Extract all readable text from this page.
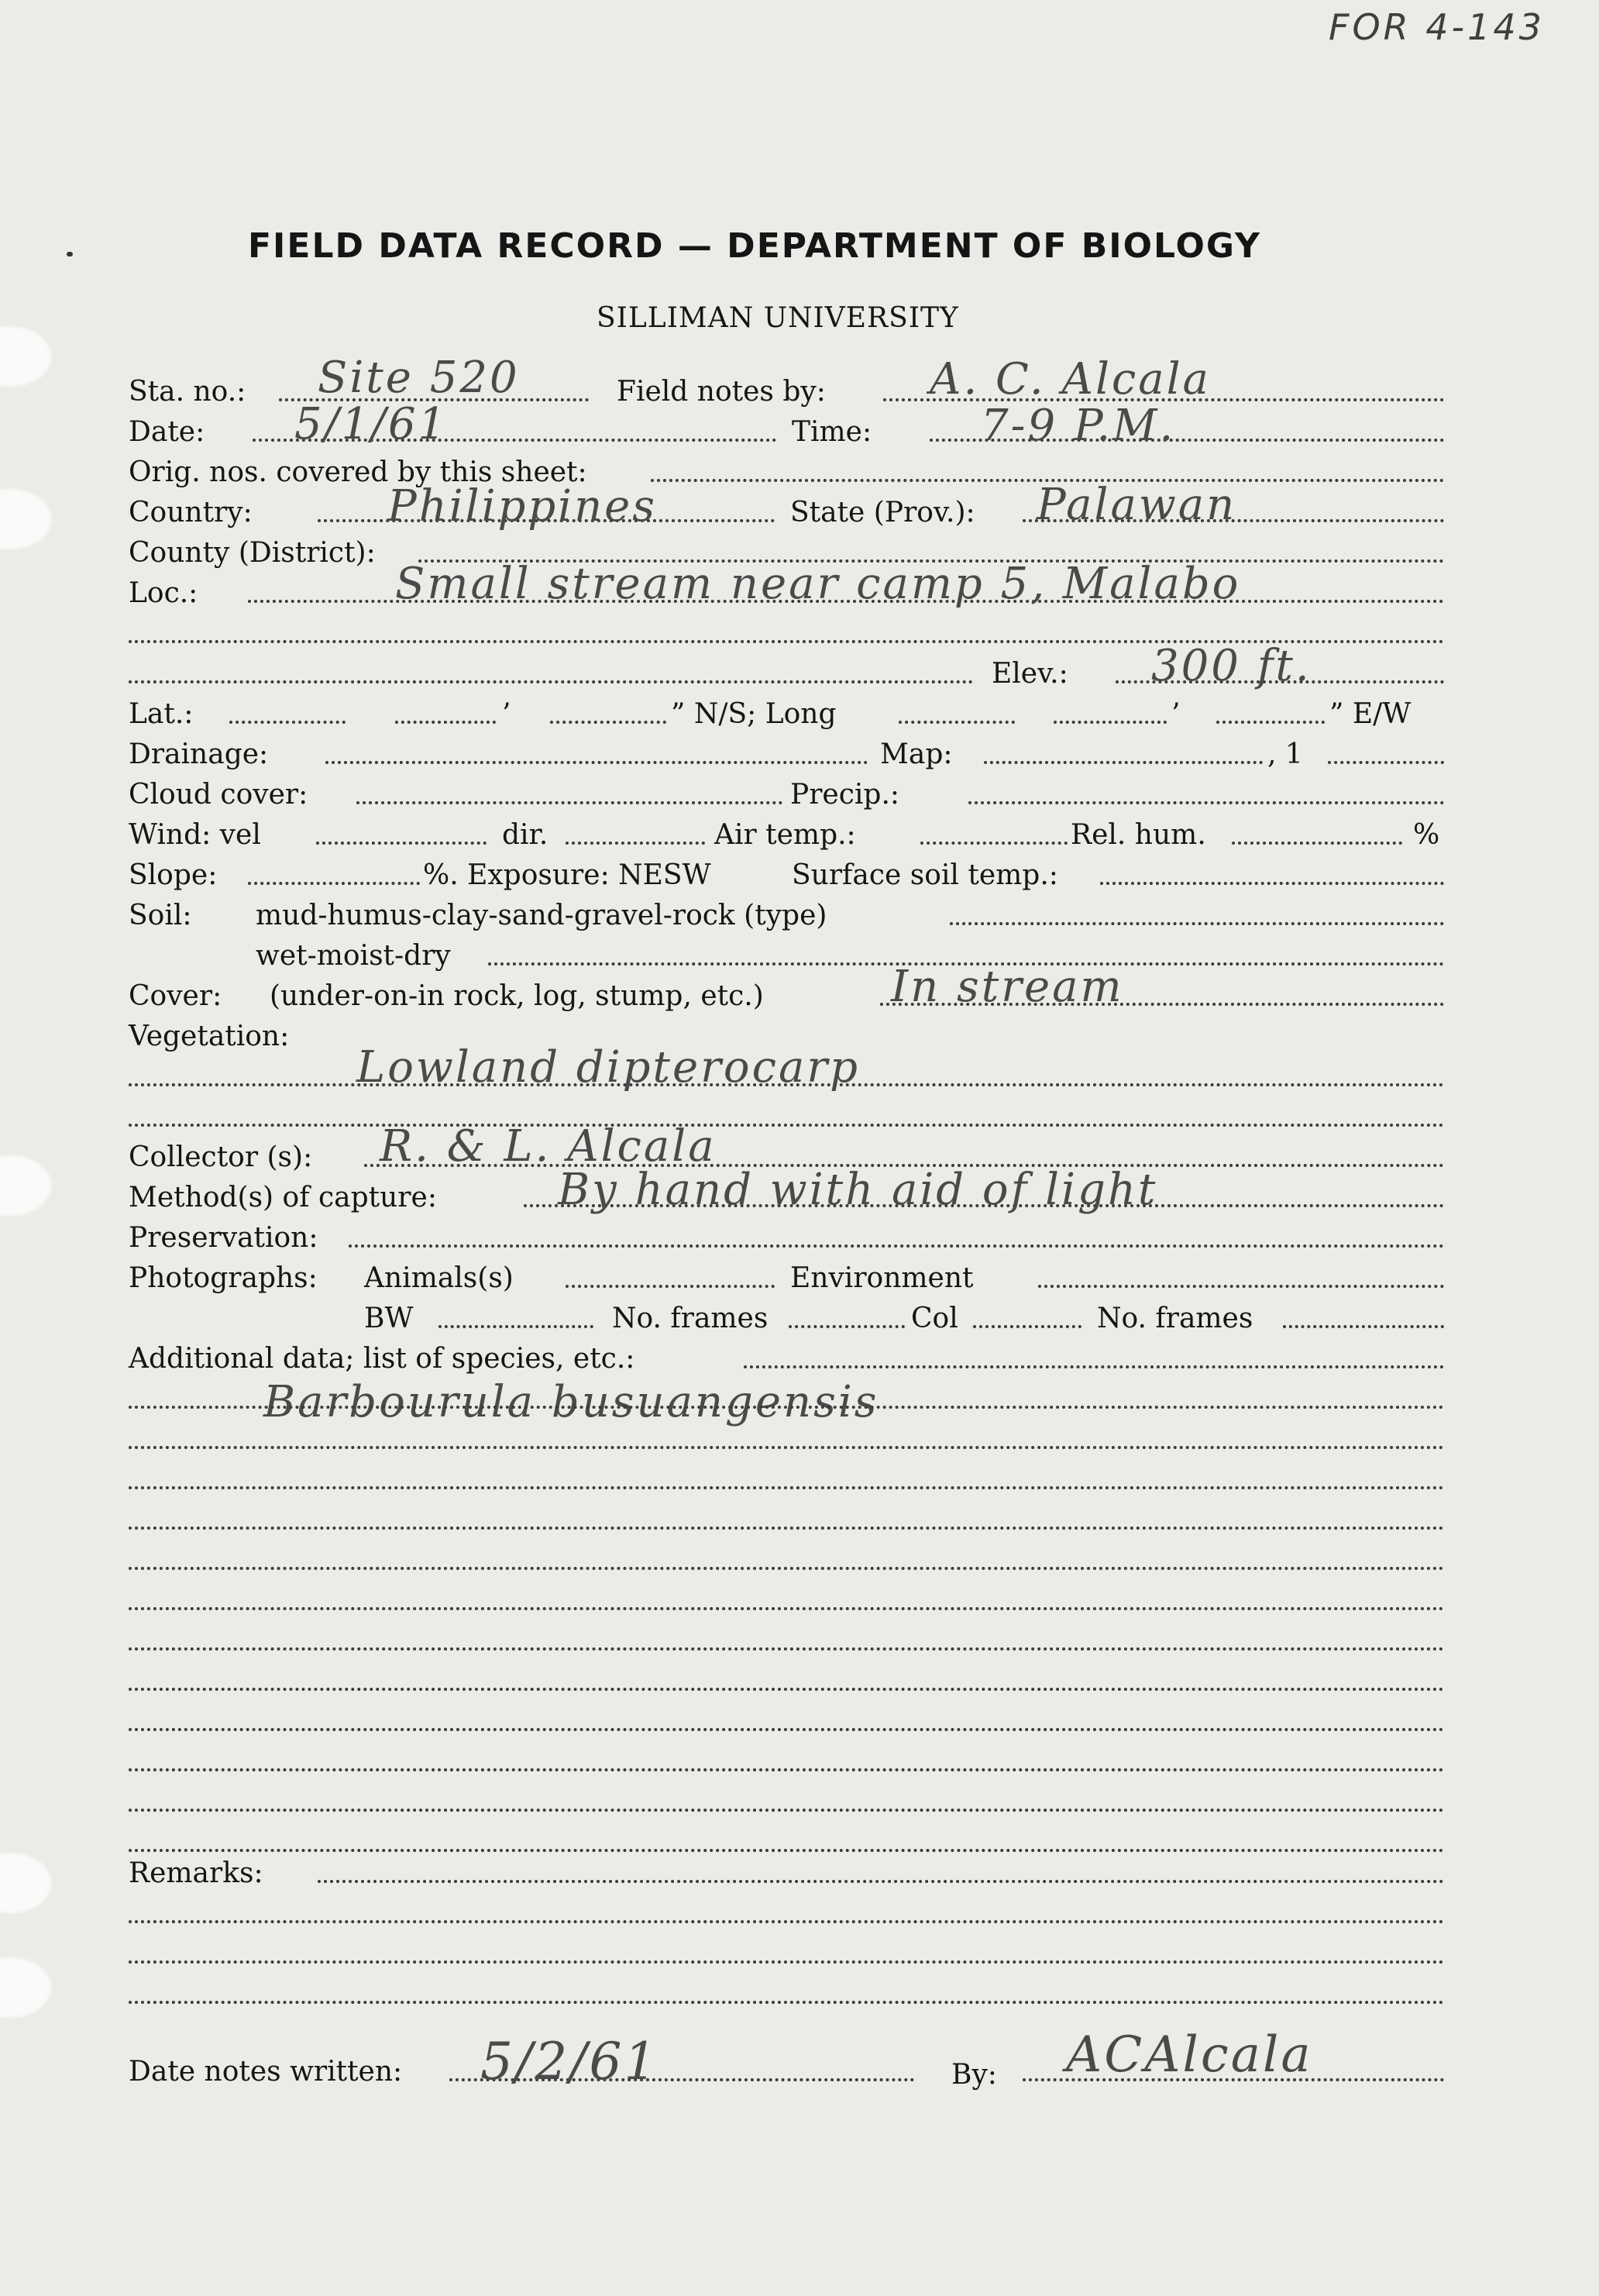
FOR 4-143
FIELD DATA RECORD — DEPARTMENT OF BIOLOGY
SILLIMAN UNIVERSITY
Sta. no.:	Field notes by:
Site 520	A. C. Alcala
Date:	Time:
5/1/61	7-9 P.M.
Orig. nos. covered by this sheet:
Country:	State (Prov.):
Philippines	Palawan
County (District):
Loc.:	Small stream near camp 5, Malabo
Elev.: 300 ft.
Lat.:	’	” N/S; Long	’	” E/W
Drainage:	Map:	, 1
Cloud cover:	Precip.:
Wind: vel	dir.	Air temp.:	Rel. hum.	%
Slope:	%. Exposure: NESW	Surface soil temp.:
Soil: mud-humus-clay-sand-gravel-rock (type)
wet-moist-dry
Cover: (under-on-in rock, log, stump, etc.)	In stream
Vegetation:
Lowland dipterocarp
Collector (s): R. & L. Alcala
Method(s) of capture:	By hand with aid of light
Preservation:
Photographs: Animals(s)	Environment
BW	No. frames	Col	No. frames
Additional data; list of species, etc.:
Barbourula busuangensis
Remarks:
Date notes written:	By:
5/2/61	ACAlcala
